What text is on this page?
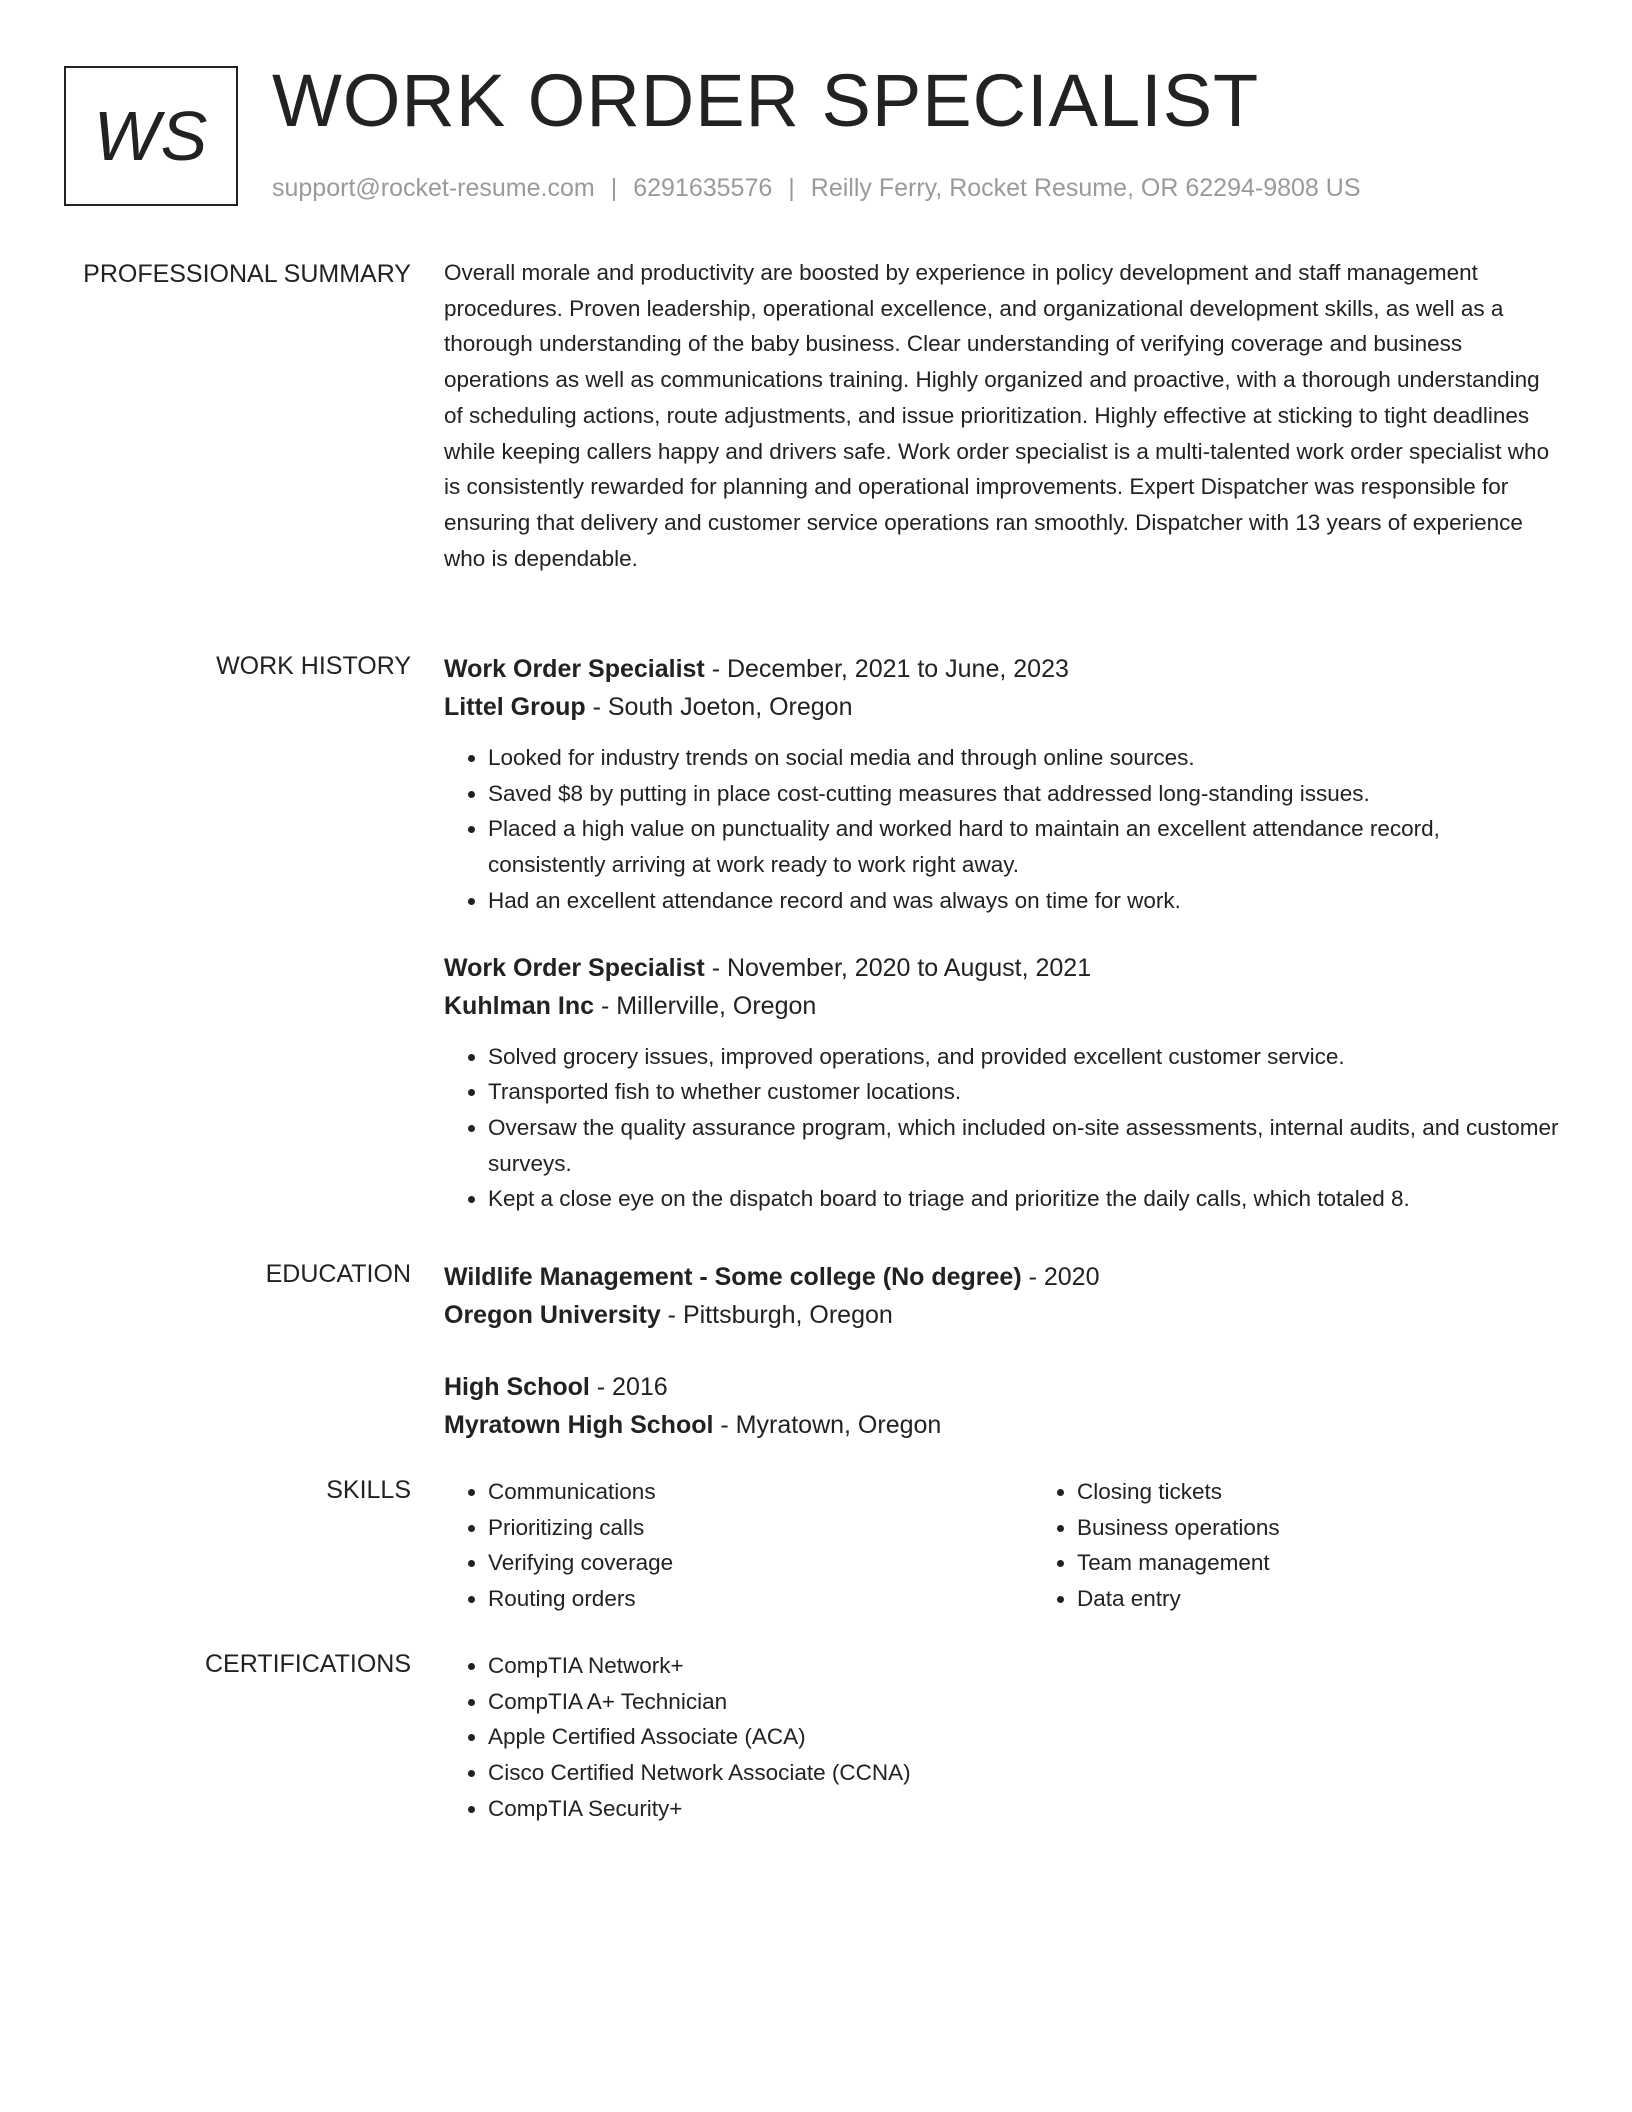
WS WORK ORDER SPECIALIST
support@rocket-resume.com | 6291635576 | Reilly Ferry, Rocket Resume, OR 62294-9808 US
PROFESSIONAL SUMMARY Overall morale and productivity are boosted by experience in policy development and staff management procedures. Proven leadership, operational excellence, and organizational development skills, as well as a thorough understanding of the baby business. Clear understanding of verifying coverage and business operations as well as communications training. Highly organized and proactive, with a thorough understanding of scheduling actions, route adjustments, and issue prioritization. Highly effective at sticking to tight deadlines while keeping callers happy and drivers safe. Work order specialist is a multi-talented work order specialist who is consistently rewarded for planning and operational improvements. Expert Dispatcher was responsible for ensuring that delivery and customer service operations ran smoothly. Dispatcher with 13 years of experience who is dependable.

WORK HISTORY Work Order Specialist - December, 2021 to June, 2023
Littel Group - South Joeton, Oregon
• Looked for industry trends on social media and through online sources.
• Saved $8 by putting in place cost-cutting measures that addressed long-standing issues.
• Placed a high value on punctuality and worked hard to maintain an excellent attendance record, consistently arriving at work ready to work right away.
• Had an excellent attendance record and was always on time for work.
Work Order Specialist - November, 2020 to August, 2021
Kuhlman Inc - Millerville, Oregon
• Solved grocery issues, improved operations, and provided excellent customer service.
• Transported fish to whether customer locations.
• Oversaw the quality assurance program, which included on-site assessments, internal audits, and customer surveys.
• Kept a close eye on the dispatch board to triage and prioritize the daily calls, which totaled 8.
EDUCATION Wildlife Management - Some college (No degree) - 2020
Oregon University - Pittsburgh, Oregon
High School - 2016
Myratown High School - Myratown, Oregon
SKILLS	• Communications
• Prioritizing calls
• Verifying coverage
• Routing orders
• Closing tickets
• Business operations
• Team management
• Data entry
CERTIFICATIONS	• CompTIA Network+
• CompTIA A+ Technician
• Apple Certified Associate (ACA)
• Cisco Certified Network Associate (CCNA)
• CompTIA Security+
